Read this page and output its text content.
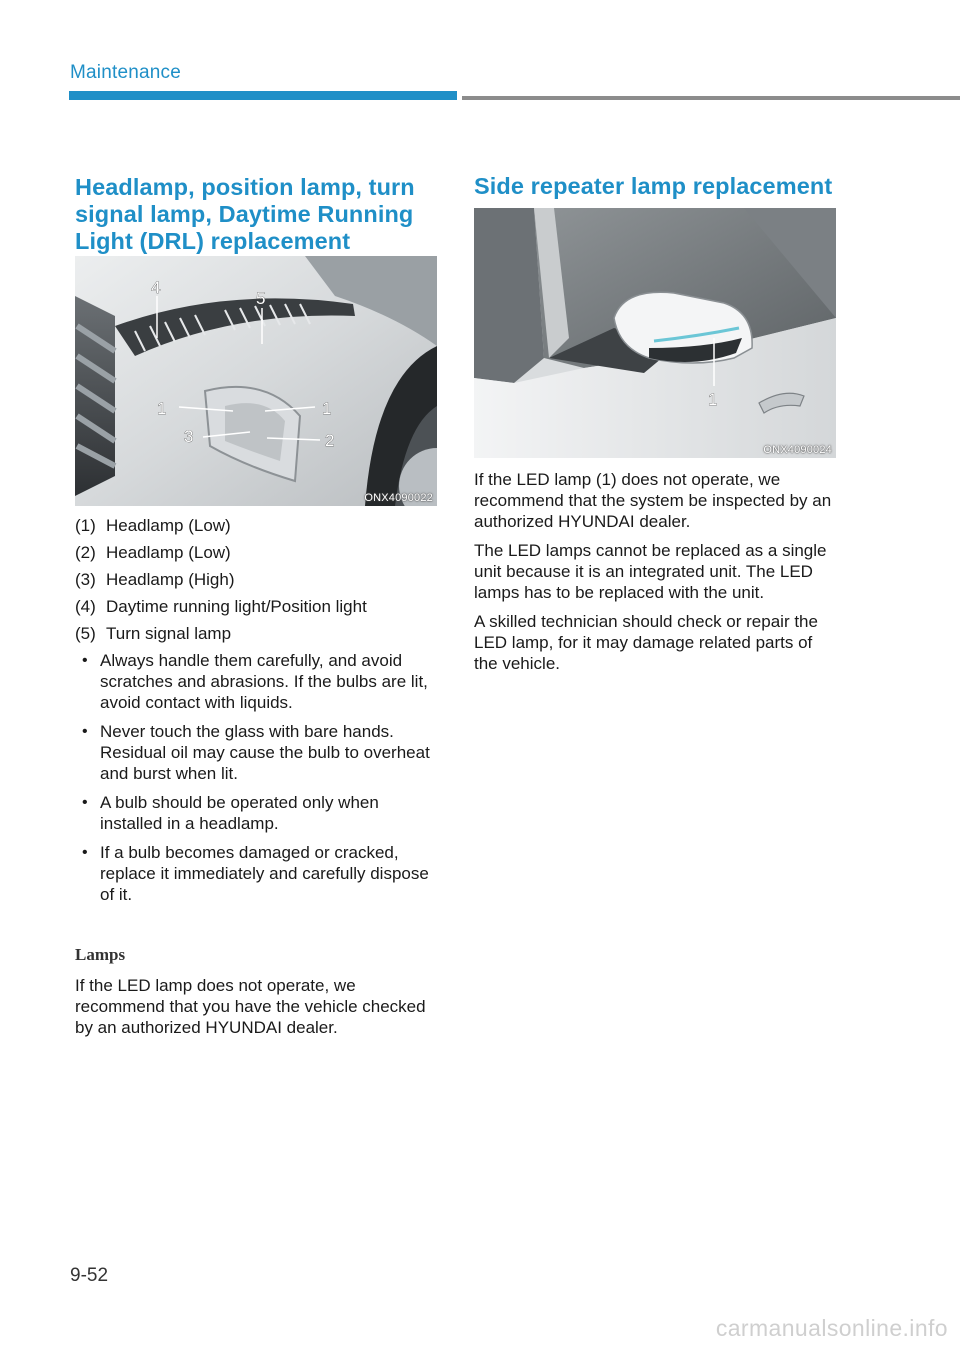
Maintenance
Headlamp, position lamp, turn signal lamp, Daytime Running Light (DRL) replacement
4
5
1	1
3	2
ONX4090022
(1) Headlamp (Low)
(2) Headlamp (Low)
(3) Headlamp (High)
(4) Daytime running light/Position light
(5) Turn signal lamp
• Always handle them carefully, and avoid scratches and abrasions. If the bulbs are lit, avoid contact with liquids.
• Never touch the glass with bare hands. Residual oil may cause the bulb to overheat and burst when lit.
• A bulb should be operated only when installed in a headlamp.
• If a bulb becomes damaged or cracked, replace it immediately and carefully dispose of it.
Lamps

If the LED lamp does not operate, we recommend that you have the vehicle checked by an authorized HYUNDAI dealer.

Side repeater lamp replacement
1
ONX4090024

If the LED lamp (1) does not operate, we recommend that the system be inspected by an authorized HYUNDAI dealer.

The LED lamps cannot be replaced as a single unit because it is an integrated unit. The LED lamps has to be replaced with the unit.

A skilled technician should check or repair the LED lamp, for it may damage related parts of the vehicle.

9-52
carmanualsonline.info
